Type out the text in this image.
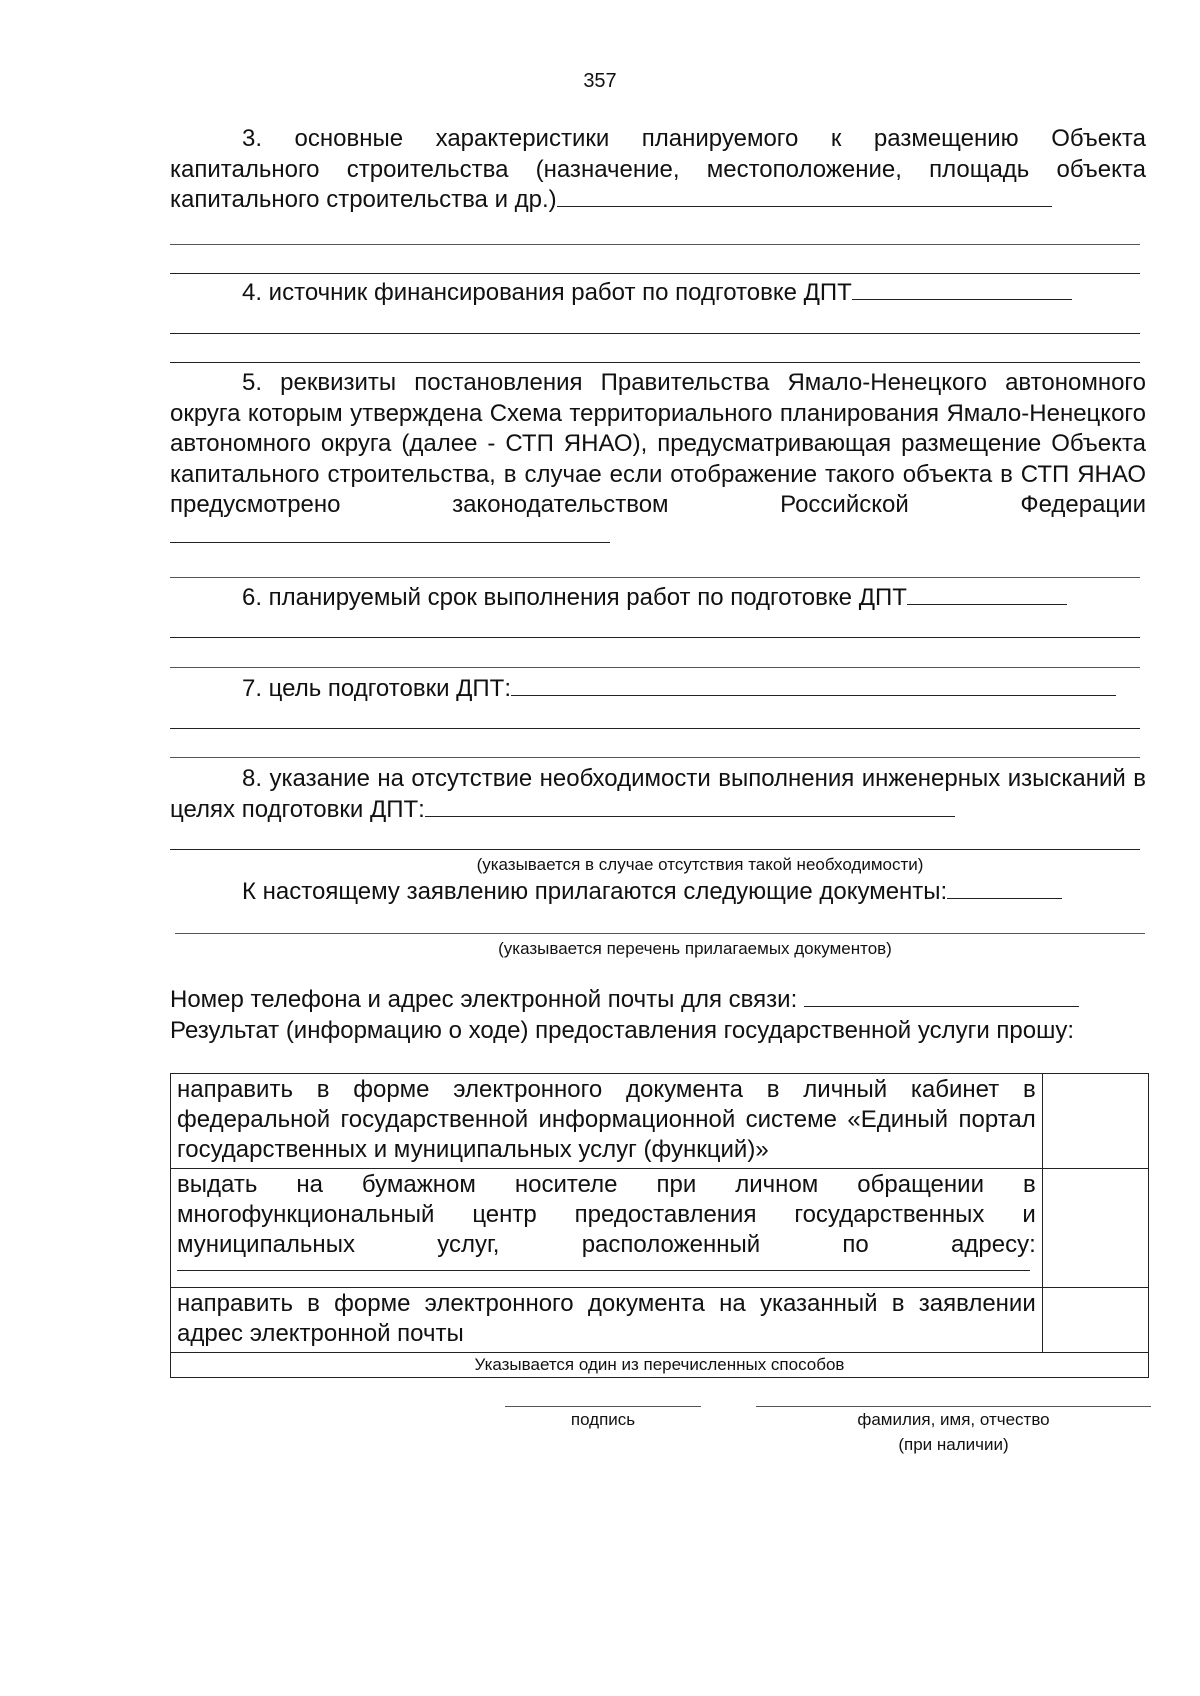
357

3. основные характеристики планируемого к размещению Объекта капитального строительства (назначение, местоположение, площадь объекта капитального строительства и др.)

4. источник финансирования работ по подготовке ДПТ

5. реквизиты постановления Правительства Ямало-Ненецкого автономного округа которым утверждена Схема территориального планирования Ямало-Ненецкого автономного округа (далее - СТП ЯНАО), предусматривающая размещение Объекта капитального строительства, в случае если отображение такого объекта в СТП ЯНАО предусмотрено законодательством Российской Федерации

6. планируемый срок выполнения работ по подготовке ДПТ

7. цель подготовки ДПТ:

8. указание на отсутствие необходимости выполнения инженерных изысканий в целях подготовки ДПТ:

(указывается в случае отсутствия такой необходимости)

К настоящему заявлению прилагаются следующие документы:

(указывается перечень прилагаемых документов)

Номер телефона и адрес электронной почты для связи:

Результат (информацию о ходе) предоставления государственной услуги прошу:

направить в форме электронного документа в личный кабинет в федеральной государственной информационной системе «Единый портал государственных и муниципальных услуг (функций)»	

выдать на бумажном носителе при личном обращении в многофункциональный центр предоставления государственных и муниципальных услуг, расположенный по адресу:	

направить в форме электронного документа на указанный в заявлении адрес электронной почты	
Указывается один из перечисленных способов	
подпись	фамилия, имя, отчество
(при наличии)
